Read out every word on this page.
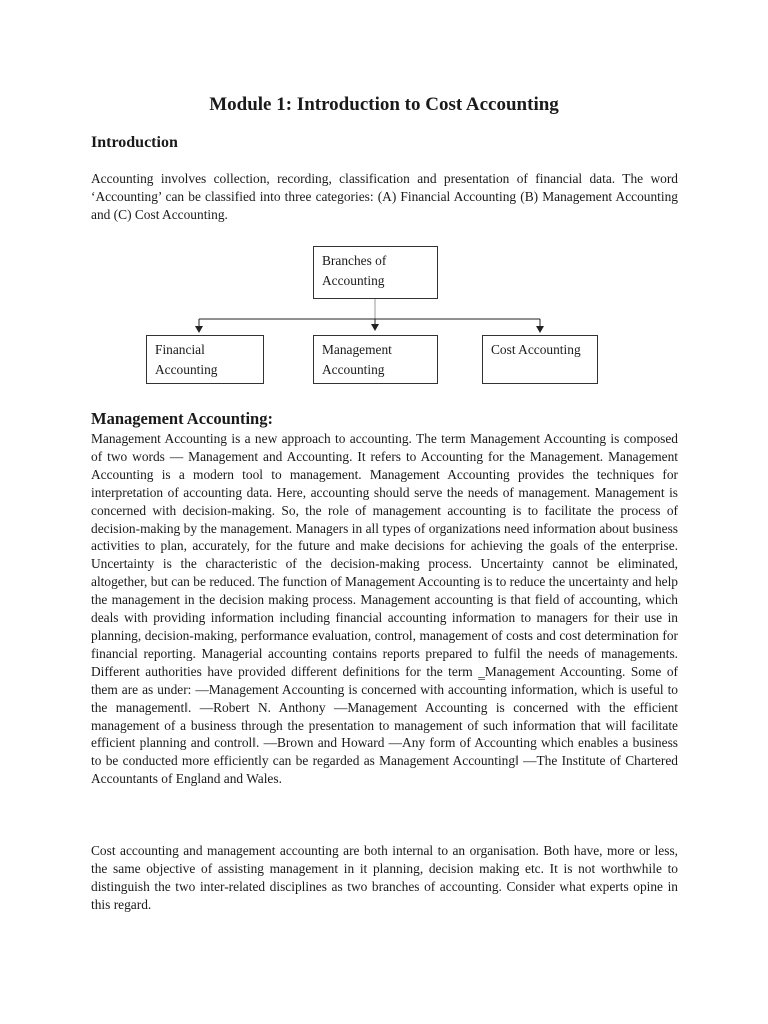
Module 1: Introduction to Cost Accounting
Introduction

Accounting involves collection, recording, classification and presentation of financial data. The word ‘Accounting’ can be classified into three categories: (A) Financial Accounting (B) Management Accounting and (C) Cost Accounting.

Branches of Accounting
Financial Accounting
Management Accounting
Cost Accounting
Management Accounting:

Management Accounting is a new approach to accounting. The term Management Accounting is composed of two words — Management and Accounting. It refers to Accounting for the Management. Management Accounting is a modern tool to management. Management Accounting provides the techniques for interpretation of accounting data. Here, accounting should serve the needs of management. Management is concerned with decision-making. So, the role of management accounting is to facilitate the process of decision-making by the management. Managers in all types of organizations need information about business activities to plan, accurately, for the future and make decisions for achieving the goals of the enterprise. Uncertainty is the characteristic of the decision-making process. Uncertainty cannot be eliminated, altogether, but can be reduced. The function of Management Accounting is to reduce the uncertainty and help the management in the decision making process. Management accounting is that field of accounting, which deals with providing information including financial accounting information to managers for their use in planning, decision-making, performance evaluation, control, management of costs and cost determination for financial reporting. Managerial accounting contains reports prepared to fulfil the needs of managements. Different authorities have provided different definitions for the term ‗Management Accounting. Some of them are as under: ―Management Accounting is concerned with accounting information, which is useful to the management‖. ―Robert N. Anthony ―Management Accounting is concerned with the efficient management of a business through the presentation to management of such information that will facilitate efficient planning and control‖. ―Brown and Howard ―Any form of Accounting which enables a business to be conducted more efficiently can be regarded as Management Accounting‖ ―The Institute of Chartered Accountants of England and Wales.

Cost accounting and management accounting are both internal to an organisation. Both have, more or less, the same objective of assisting management in it planning, decision making etc. It is not worthwhile to distinguish the two inter-related disciplines as two branches of accounting. Consider what experts opine in this regard.
